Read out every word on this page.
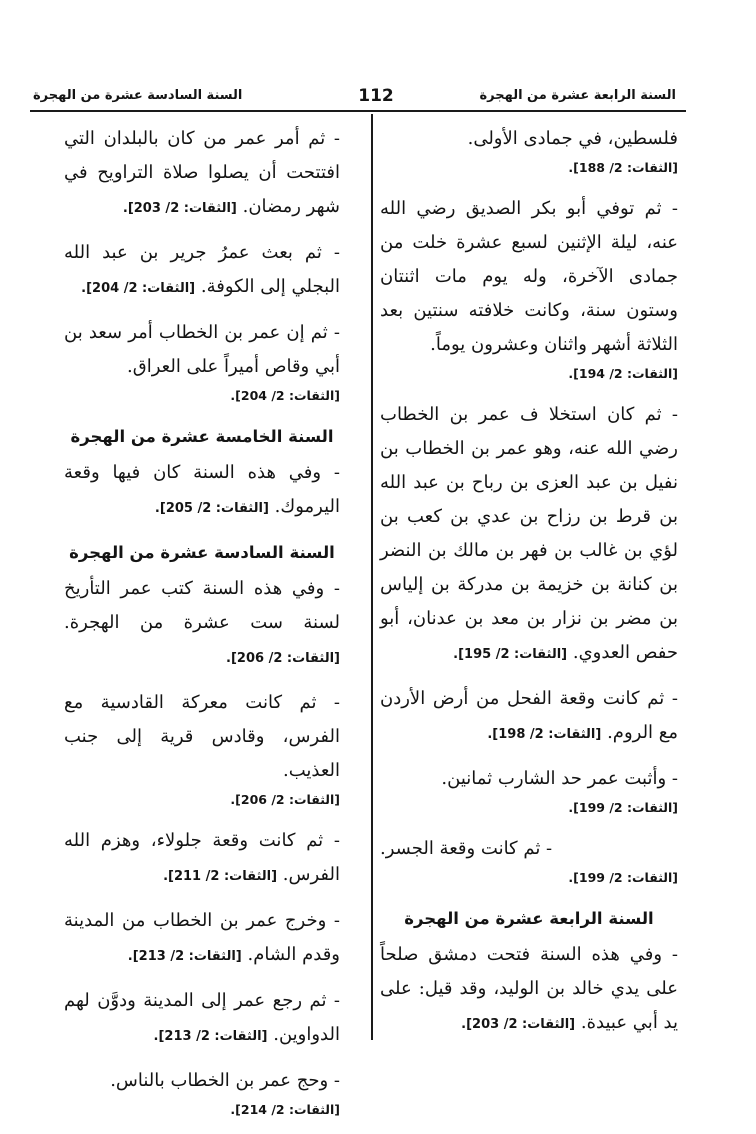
السنة الرابعة عشرة من الهجرة
112
السنة السادسة عشرة من الهجرة

فلسطين، في جمادى الأولى.

[الثقات: 2/ 188].

- ثم توفي أبو بكر الصديق رضي الله عنه، ليلة الإثنين لسبع عشرة خلت من جمادى الآخرة، وله يوم مات اثنتان وستون سنة، وكانت خلافته سنتين بعد الثلاثة أشهر واثنان وعشرون يوماً.

[الثقات: 2/ 194].

- ثم كان استخلا ف عمر بن الخطاب رضي الله عنه، وهو عمر بن الخطاب بن نفيل بن عبد العزى بن رباح بن عبد الله بن قرط بن رزاح بن عدي بن كعب بن لؤي بن غالب بن فهر بن مالك بن النضر بن كنانة بن خزيمة بن مدركة بن إلياس بن مضر بن نزار بن معد بن عدنان، أبو حفص العدوي. [الثقات: 2/ 195].

- ثم كانت وقعة الفحل من أرض الأردن مع الروم. [الثقات: 2/ 198].

- وأثبت عمر حد الشارب ثمانين.

[الثقات: 2/ 199].

- ثم كانت وقعة الجسر.

[الثقات: 2/ 199].
السنة الرابعة عشرة من الهجرة

- وفي هذه السنة فتحت دمشق صلحاً على يدي خالد بن الوليد، وقد قيل: على يد أبي عبيدة. [الثقات: 2/ 203].

- ثم أمر عمر من كان بالبلدان التي افتتحت أن يصلوا صلاة التراويح في شهر رمضان. [الثقات: 2/ 203].

- ثم بعث عمرُ جرير بن عبد الله البجلي إلى الكوفة. [الثقات: 2/ 204].

- ثم إن عمر بن الخطاب أمر سعد بن أبي وقاص أميراً على العراق.

[الثقات: 2/ 204].
السنة الخامسة عشرة من الهجرة

- وفي هذه السنة كان فيها وقعة اليرموك. [الثقات: 2/ 205].

السنة السادسة عشرة من الهجرة

- وفي هذه السنة كتب عمر التأريخ لسنة ست عشرة من الهجرة. [الثقات: 2/ 206].

- ثم كانت معركة القادسية مع الفرس، وقادس قرية إلى جنب العذيب.

[الثقات: 2/ 206].

- ثم كانت وقعة جلولاء، وهزم الله الفرس. [الثقات: 2/ 211].

- وخرج عمر بن الخطاب من المدينة وقدم الشام. [الثقات: 2/ 213].

- ثم رجع عمر إلى المدينة ودوَّن لهم الدواوين. [الثقات: 2/ 213].

- وحج عمر بن الخطاب بالناس.

[الثقات: 2/ 214].
